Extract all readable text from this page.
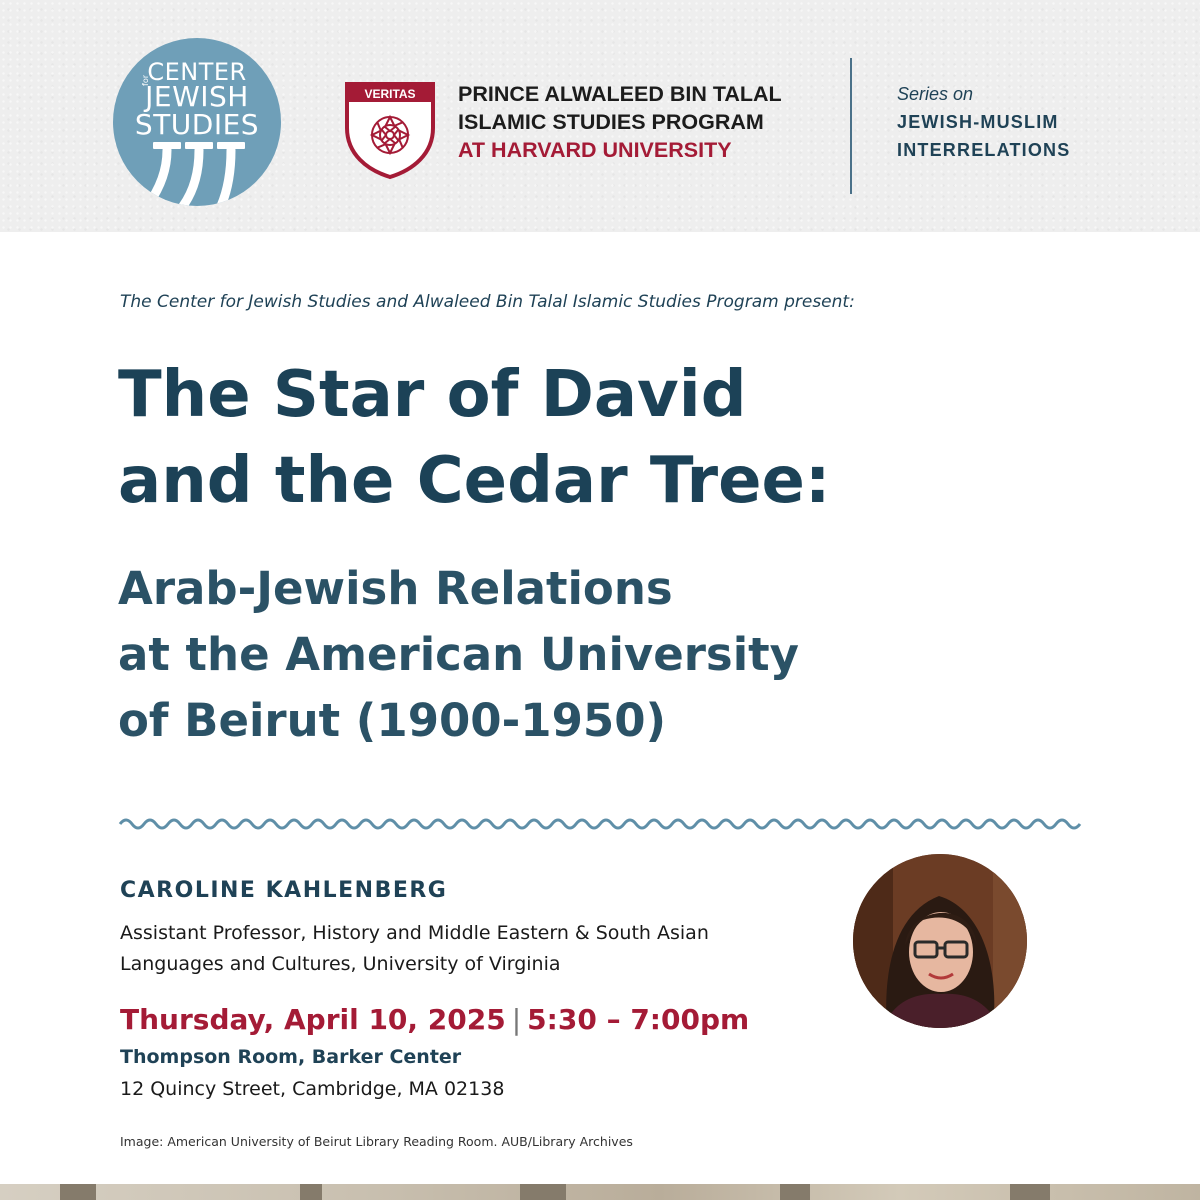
CENTER
for
JEWISH
STUDIES
VERITAS PRINCE ALWALEED BIN TALAL
ISLAMIC STUDIES PROGRAM
AT HARVARD UNIVERSITY
Series on
JEWISH-MUSLIM
INTERRELATIONS
The Center for Jewish Studies and Alwaleed Bin Talal Islamic Studies Program present:
The Star of David
and the Cedar Tree:
Arab-Jewish Relations
at the American University
of Beirut (1900-1950)
CAROLINE KAHLENBERG
Assistant Professor, History and Middle Eastern & South Asian
Languages and Cultures, University of Virginia
Thursday, April 10, 2025 | 5:30 – 7:00pm
Thompson Room, Barker Center
12 Quincy Street, Cambridge, MA 02138
Image: American University of Beirut Library Reading Room. AUB/Library Archives
